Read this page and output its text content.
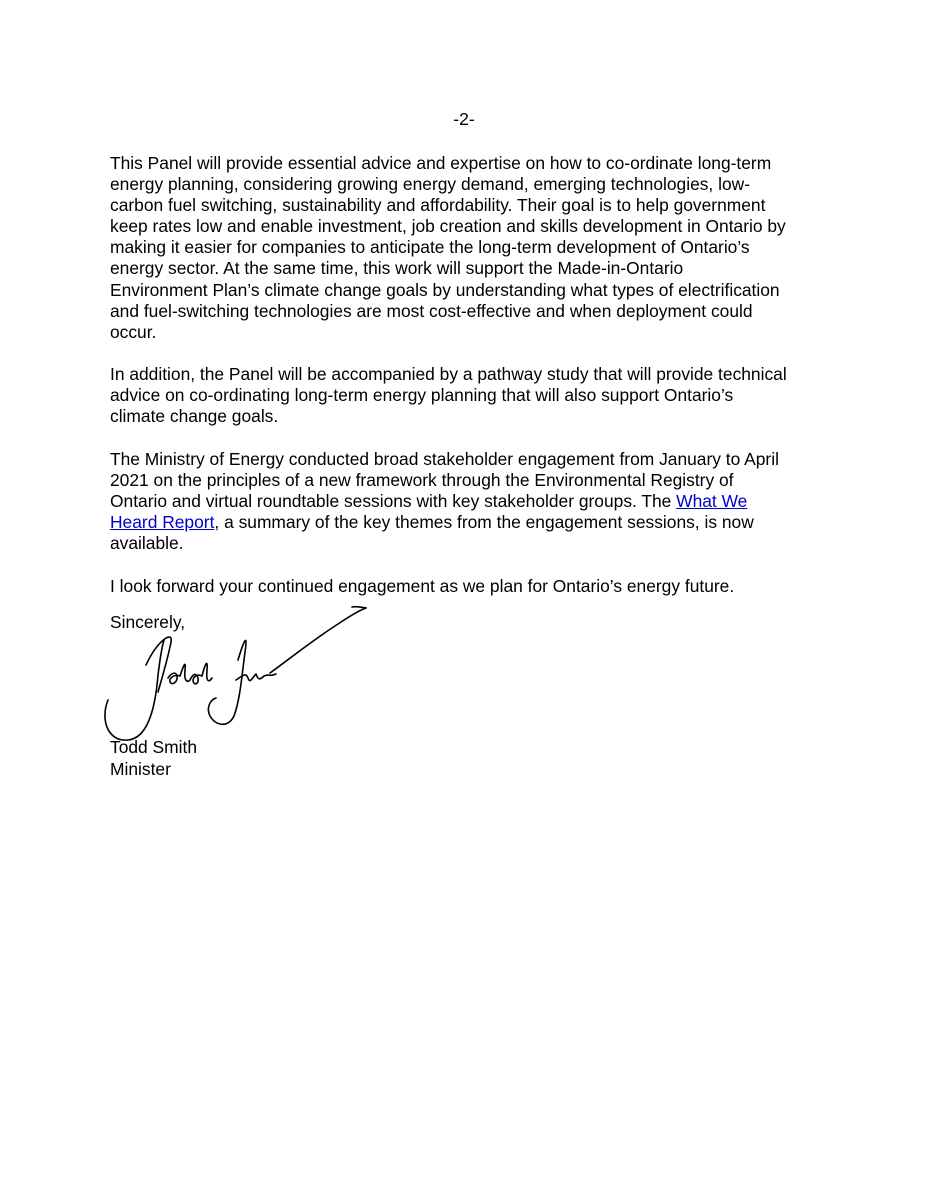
-2-

This Panel will provide essential advice and expertise on how to co-ordinate long-term
energy planning, considering growing energy demand, emerging technologies, low-
carbon fuel switching, sustainability and affordability. Their goal is to help government
keep rates low and enable investment, job creation and skills development in Ontario by
making it easier for companies to anticipate the long-term development of Ontario’s
energy sector. At the same time, this work will support the Made-in-Ontario
Environment Plan’s climate change goals by understanding what types of electrification
and fuel-switching technologies are most cost-effective and when deployment could
occur.

In addition, the Panel will be accompanied by a pathway study that will provide technical
advice on co-ordinating long-term energy planning that will also support Ontario’s
climate change goals.

The Ministry of Energy conducted broad stakeholder engagement from January to April
2021 on the principles of a new framework through the Environmental Registry of
Ontario and virtual roundtable sessions with key stakeholder groups. The What We
Heard Report, a summary of the key themes from the engagement sessions, is now
available.

I look forward your continued engagement as we plan for Ontario’s energy future.

Sincerely,
Todd Smith
Minister
